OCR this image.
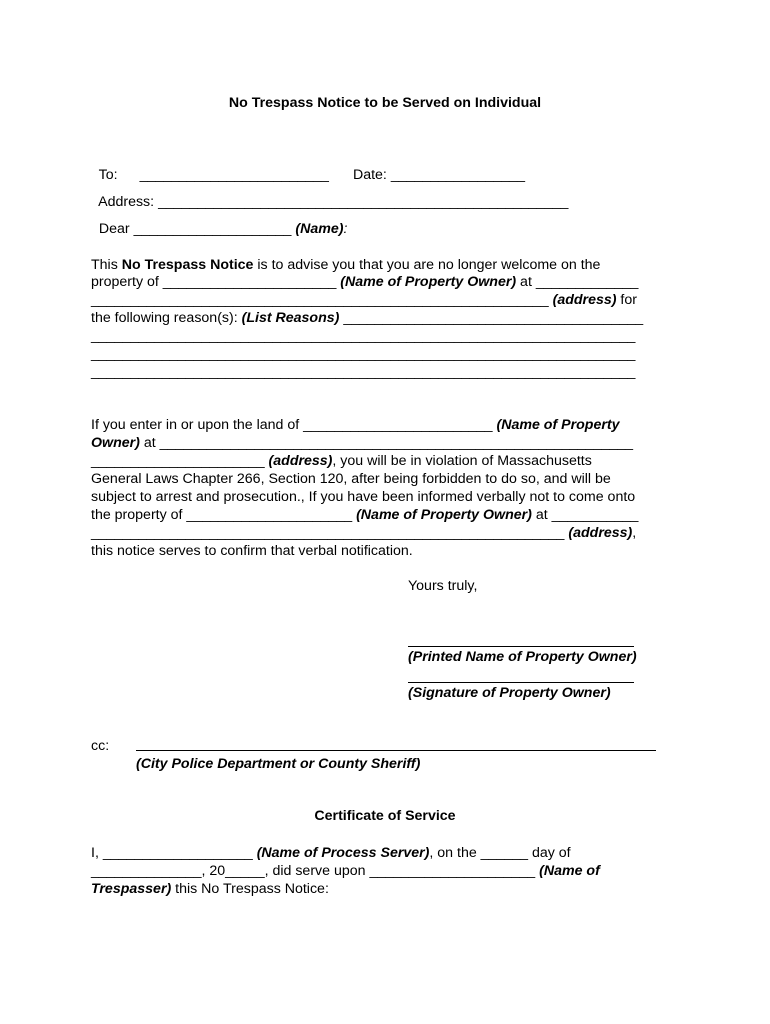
No Trespass Notice to be Served on Individual

To: ________________________ Date: _________________

Address: ____________________________________________________

Dear ____________________ (Name):

This No Trespass Notice is to advise you that you are no longer welcome on the
property of ______________________ (Name of Property Owner) at _____________
__________________________________________________________ (address) for
the following reason(s): (List Reasons) ______________________________________
_____________________________________________________________________
_____________________________________________________________________
_____________________________________________________________________
If you enter in or upon the land of ________________________ (Name of Property
Owner) at ____________________________________________________________
______________________ (address), you will be in violation of Massachusetts
General Laws Chapter 266, Section 120, after being forbidden to do so, and will be
subject to arrest and prosecution., If you have been informed verbally not to come onto
the property of _____________________ (Name of Property Owner) at ___________
____________________________________________________________ (address),
this notice serves to confirm that verbal notification.
Yours truly,
(Printed Name of Property Owner)
(Signature of Property Owner)
cc:
(City Police Department or County Sheriff)
Certificate of Service
I, ___________________ (Name of Process Server), on the ______ day of
______________, 20_____, did serve upon _____________________ (Name of
Trespasser) this No Trespass Notice:
